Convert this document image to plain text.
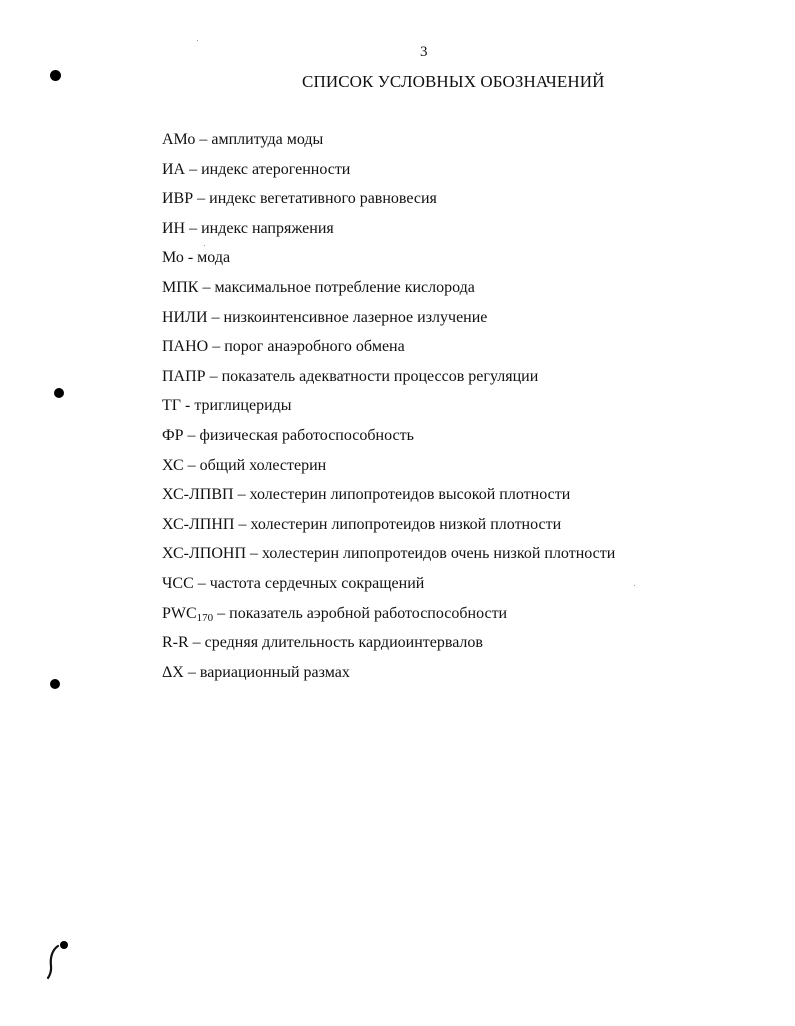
3
СПИСОК УСЛОВНЫХ ОБОЗНАЧЕНИЙ
АМо – амплитуда моды
ИА – индекс атерогенности
ИВР – индекс вегетативного равновесия
ИН – индекс напряжения
Мо - мода
МПК – максимальное потребление кислорода
НИЛИ – низкоинтенсивное лазерное излучение
ПАНО – порог анаэробного обмена
ПАПР – показатель адекватности процессов регуляции
ТГ - триглицериды
ФР – физическая работоспособность
ХС – общий холестерин
ХС-ЛПВП – холестерин липопротеидов высокой плотности
ХС-ЛПНП – холестерин липопротеидов низкой плотности
ХС-ЛПОНП – холестерин липопротеидов очень низкой плотности
ЧСС – частота сердечных сокращений
$PWC_{170}$ – показатель аэробной работоспособности
R-R – средняя длительность кардиоинтервалов
ΔX – вариационный размах
